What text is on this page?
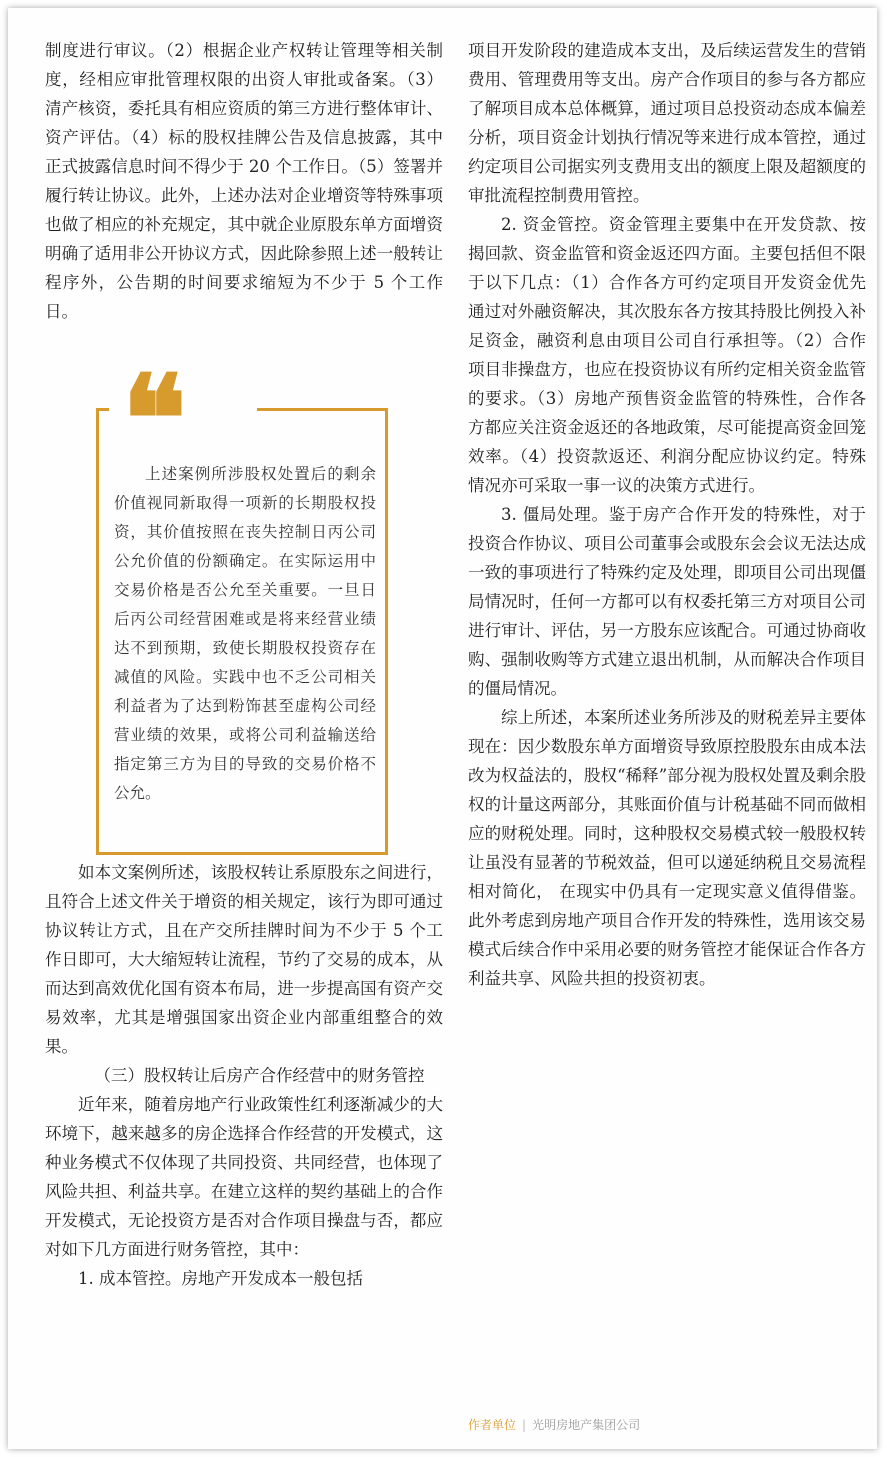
制度进行审议。（2）根据企业产权转让管理等相关制度，经相应审批管理权限的出资人审批或备案。（3）清产核资，委托具有相应资质的第三方进行整体审计、资产评估。（4）标的股权挂牌公告及信息披露，其中正式披露信息时间不得少于 20 个工作日。（5）签署并履行转让协议。此外，上述办法对企业增资等特殊事项也做了相应的补充规定，其中就企业原股东单方面增资明确了适用非公开协议方式，因此除参照上述一般转让程序外，公告期的时间要求缩短为不少于 5 个工作日。

如本文案例所述，该股权转让系原股东之间进行，且符合上述文件关于增资的相关规定，该行为即可通过协议转让方式，且在产交所挂牌时间为不少于 5 个工作日即可，大大缩短转让流程，节约了交易的成本，从而达到高效优化国有资本布局，进一步提高国有资产交易效率，尤其是增强国家出资企业内部重组整合的效果。

（三）股权转让后房产合作经营中的财务管控

近年来，随着房地产行业政策性红利逐渐减少的大环境下，越来越多的房企选择合作经营的开发模式，这种业务模式不仅体现了共同投资、共同经营，也体现了风险共担、利益共享。在建立这样的契约基础上的合作开发模式，无论投资方是否对合作项目操盘与否，都应对如下几方面进行财务管控，其中：

1. 成本管控。房地产开发成本一般包括

❝
上述案例所涉股权处置后的剩余价值视同新取得一项新的长期股权投资，其价值按照在丧失控制日丙公司公允价值的份额确定。在实际运用中交易价格是否公允至关重要。一旦日后丙公司经营困难或是将来经营业绩达不到预期，致使长期股权投资存在减值的风险。实践中也不乏公司相关利益者为了达到粉饰甚至虚构公司经营业绩的效果，或将公司利益输送给指定第三方为目的导致的交易价格不公允。

项目开发阶段的建造成本支出，及后续运营发生的营销费用、管理费用等支出。房产合作项目的参与各方都应了解项目成本总体概算，通过项目总投资动态成本偏差分析，项目资金计划执行情况等来进行成本管控，通过约定项目公司据实列支费用支出的额度上限及超额度的审批流程控制费用管控。

2. 资金管控。资金管理主要集中在开发贷款、按揭回款、资金监管和资金返还四方面。主要包括但不限于以下几点：（1）合作各方可约定项目开发资金优先通过对外融资解决，其次股东各方按其持股比例投入补足资金，融资利息由项目公司自行承担等。（2）合作项目非操盘方，也应在投资协议有所约定相关资金监管的要求。（3）房地产预售资金监管的特殊性，合作各方都应关注资金返还的各地政策，尽可能提高资金回笼效率。（4）投资款返还、利润分配应协议约定。特殊情况亦可采取一事一议的决策方式进行。

3. 僵局处理。鉴于房产合作开发的特殊性，对于投资合作协议、项目公司董事会或股东会会议无法达成一致的事项进行了特殊约定及处理，即项目公司出现僵局情况时，任何一方都可以有权委托第三方对项目公司进行审计、评估，另一方股东应该配合。可通过协商收购、强制收购等方式建立退出机制，从而解决合作项目的僵局情况。

综上所述，本案所述业务所涉及的财税差异主要体现在：因少数股东单方面增资导致原控股股东由成本法改为权益法的，股权“稀释”部分视为股权处置及剩余股权的计量这两部分，其账面价值与计税基础不同而做相应的财税处理。同时，这种股权交易模式较一般股权转让虽没有显著的节税效益，但可以递延纳税且交易流程相对简化， 在现实中仍具有一定现实意义值得借鉴。此外考虑到房地产项目合作开发的特殊性，选用该交易模式后续合作中采用必要的财务管控才能保证合作各方利益共享、风险共担的投资初衷。

作者单位 | 光明房地产集团公司
